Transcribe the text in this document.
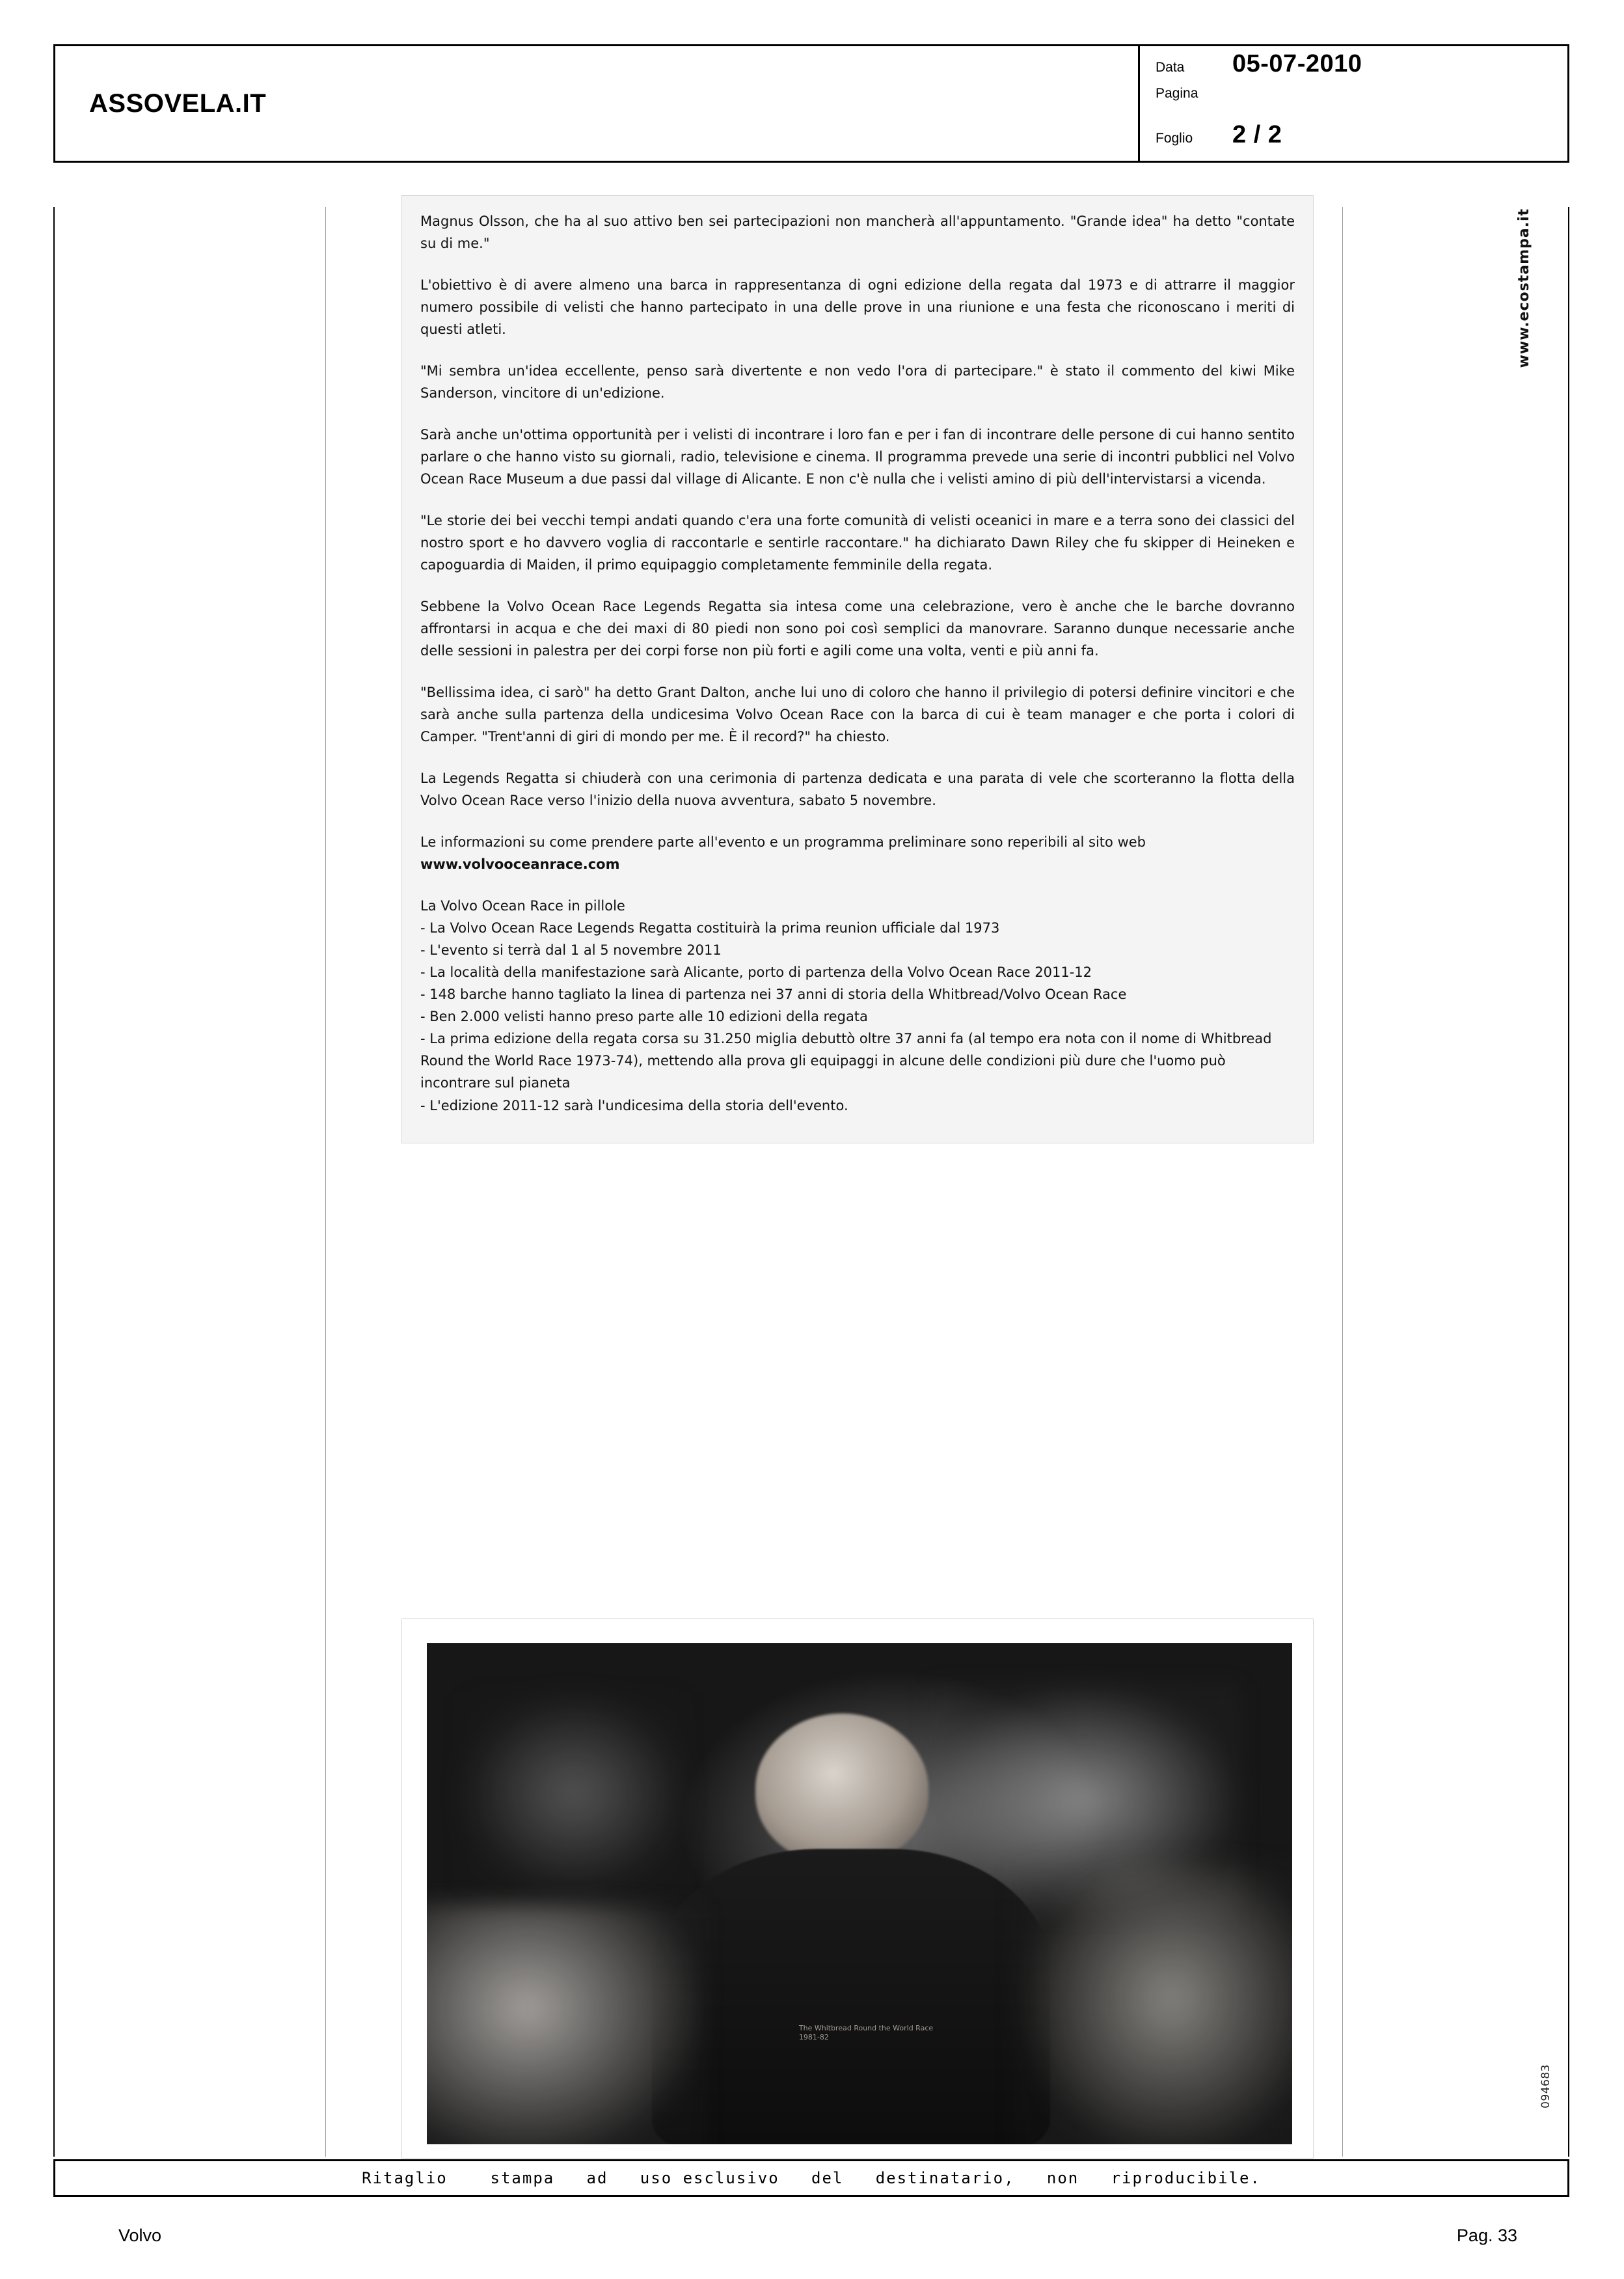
ASSOVELA.IT
Data	05-07-2010
Pagina
Foglio	2 / 2

Magnus Olsson, che ha al suo attivo ben sei partecipazioni non mancherà all'appuntamento. "Grande idea" ha detto "contate su di me."

L'obiettivo è di avere almeno una barca in rappresentanza di ogni edizione della regata dal 1973 e di attrarre il maggior numero possibile di velisti che hanno partecipato in una delle prove in una riunione e una festa che riconoscano i meriti di questi atleti.

"Mi sembra un'idea eccellente, penso sarà divertente e non vedo l'ora di partecipare." è stato il commento del kiwi Mike Sanderson, vincitore di un'edizione.

Sarà anche un'ottima opportunità per i velisti di incontrare i loro fan e per i fan di incontrare delle persone di cui hanno sentito parlare o che hanno visto su giornali, radio, televisione e cinema. Il programma prevede una serie di incontri pubblici nel Volvo Ocean Race Museum a due passi dal village di Alicante. E non c'è nulla che i velisti amino di più dell'intervistarsi a vicenda.

"Le storie dei bei vecchi tempi andati quando c'era una forte comunità di velisti oceanici in mare e a terra sono dei classici del nostro sport e ho davvero voglia di raccontarle e sentirle raccontare." ha dichiarato Dawn Riley che fu skipper di Heineken e capoguardia di Maiden, il primo equipaggio completamente femminile della regata.

Sebbene la Volvo Ocean Race Legends Regatta sia intesa come una celebrazione, vero è anche che le barche dovranno affrontarsi in acqua e che dei maxi di 80 piedi non sono poi così semplici da manovrare. Saranno dunque necessarie anche delle sessioni in palestra per dei corpi forse non più forti e agili come una volta, venti e più anni fa.

"Bellissima idea, ci sarò" ha detto Grant Dalton, anche lui uno di coloro che hanno il privilegio di potersi definire vincitori e che sarà anche sulla partenza della undicesima Volvo Ocean Race con la barca di cui è team manager e che porta i colori di Camper. "Trent'anni di giri di mondo per me. È il record?" ha chiesto.

La Legends Regatta si chiuderà con una cerimonia di partenza dedicata e una parata di vele che scorteranno la flotta della Volvo Ocean Race verso l'inizio della nuova avventura, sabato 5 novembre.

Le informazioni su come prendere parte all'evento e un programma preliminare sono reperibili al sito web
www.volvooceanrace.com

La Volvo Ocean Race in pillole
- La Volvo Ocean Race Legends Regatta costituirà la prima reunion ufficiale dal 1973
- L'evento si terrà dal 1 al 5 novembre 2011
- La località della manifestazione sarà Alicante, porto di partenza della Volvo Ocean Race 2011-12
- 148 barche hanno tagliato la linea di partenza nei 37 anni di storia della Whitbread/Volvo Ocean Race
- Ben 2.000 velisti hanno preso parte alle 10 edizioni della regata
- La prima edizione della regata corsa su 31.250 miglia debuttò oltre 37 anni fa (al tempo era nota con il nome di Whitbread Round the World Race 1973-74), mettendo alla prova gli equipaggi in alcune delle condizioni più dure che l'uomo può incontrare sul pianeta
- L'edizione 2011-12 sarà l'undicesima della storia dell'evento.
The Whitbread Round the World Race 1981-82
www.ecostampa.it
094683
Ritaglio    stampa   ad   uso esclusivo   del   destinatario,   non   riproducibile.
Volvo	Pag. 33
